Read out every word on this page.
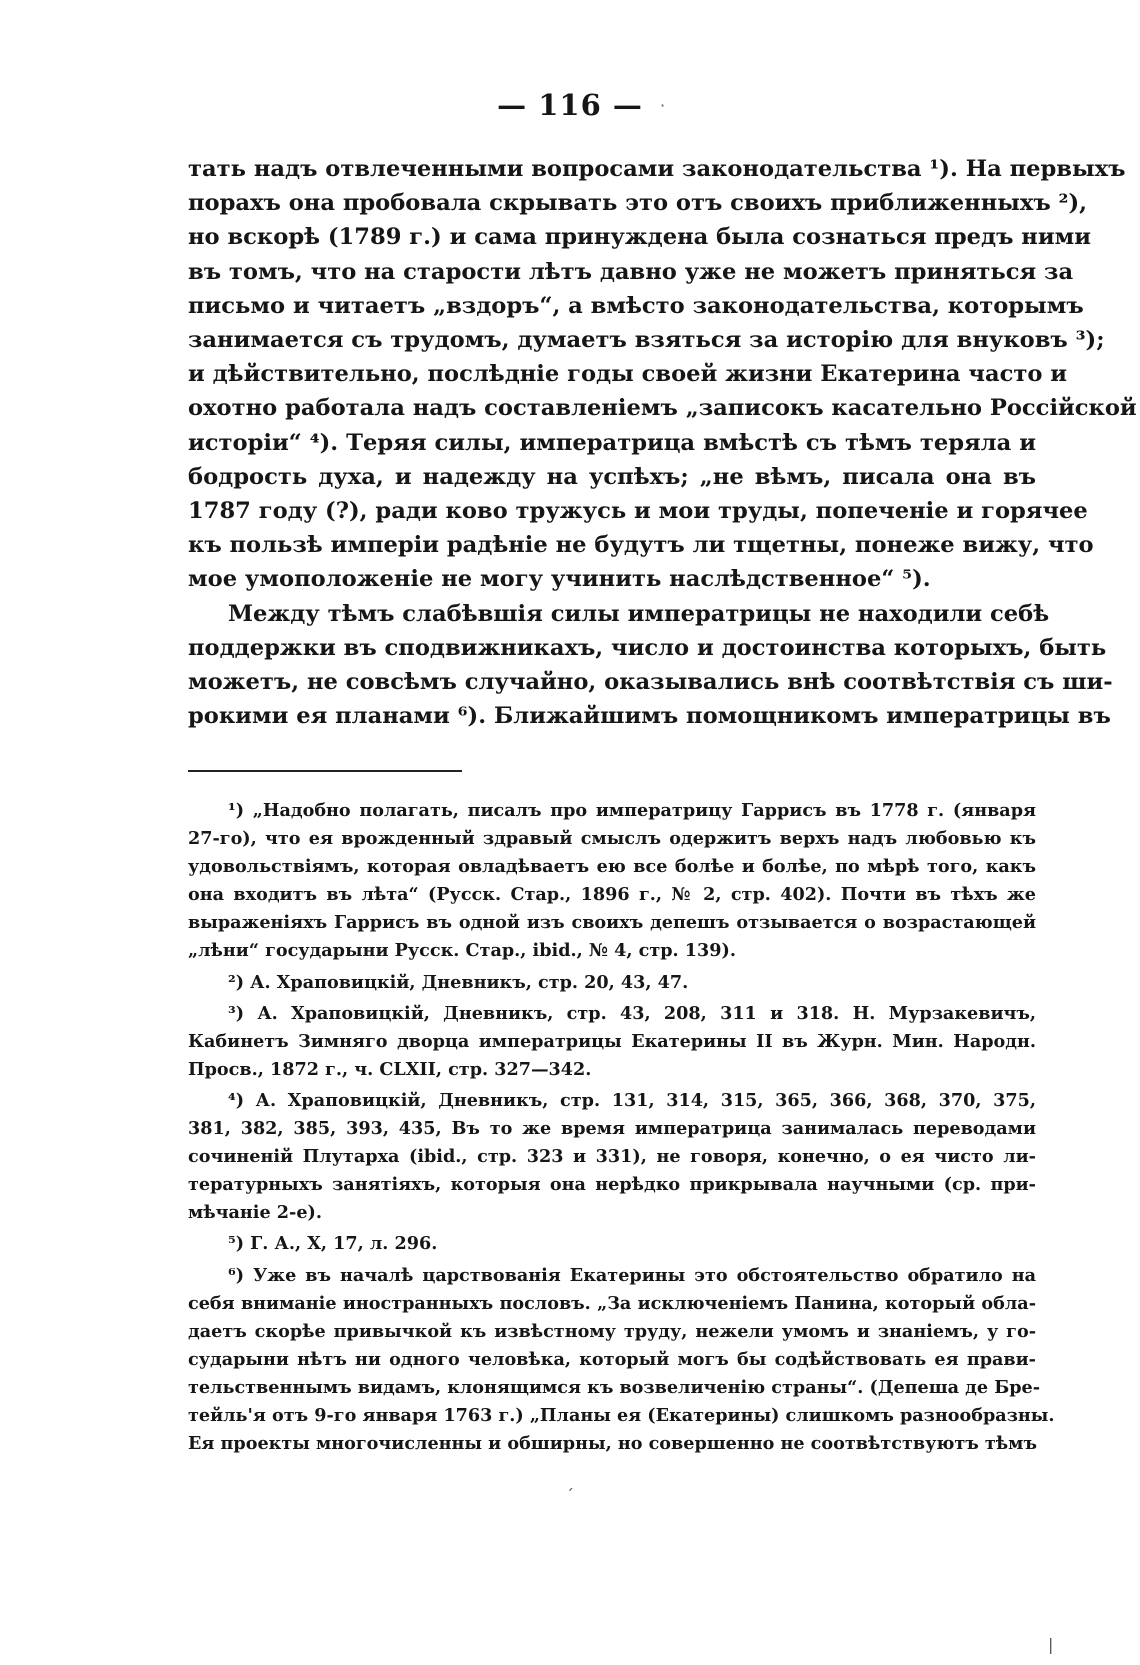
— 116 —
тать надъ отвлеченными вопросами законодательства ¹). На первыхъ
порахъ она пробовала скрывать это отъ своихъ приближенныхъ ²),
но вскорѣ (1789 г.) и сама принуждена была сознаться предъ ними
въ томъ, что на старости лѣтъ давно уже не можетъ приняться за
письмо и читаетъ „вздоръ“, а вмѣсто законодательства, которымъ
занимается съ трудомъ, думаетъ взяться за исторію для внуковъ ³);
и дѣйствительно, послѣдніе годы своей жизни Екатерина часто и
охотно работала надъ составленіемъ „записокъ касательно Россійской
исторіи“ ⁴). Теряя силы, императрица вмѣстѣ съ тѣмъ теряла и
бодрость духа, и надежду на успѣхъ; „не вѣмъ, писала она въ
1787 году (?), ради ково тружусь и мои труды, попеченіе и горячее
къ пользѣ имперіи радѣніе не будутъ ли тщетны, понеже вижу, что
мое умоположеніе не могу учинить наслѣдственное“ ⁵).
Между тѣмъ слабѣвшія силы императрицы не находили себѣ
поддержки въ сподвижникахъ, число и достоинства которыхъ, быть
можетъ, не совсѣмъ случайно, оказывались внѣ соотвѣтствія съ ши-
рокими ея планами ⁶). Ближайшимъ помощникомъ императрицы въ
¹) „Надобно полагать, писалъ про императрицу Гаррисъ въ 1778 г. (января
27-го), что ея врожденный здравый смыслъ одержитъ верхъ надъ любовью къ
удовольствіямъ, которая овладѣваетъ ею все болѣе и болѣе, по мѣрѣ того, какъ
она входитъ въ лѣта“ (Русск. Стар., 1896 г., № 2, стр. 402). Почти въ тѣхъ же
выраженіяхъ Гаррисъ въ одной изъ своихъ депешъ отзывается о возрастающей
„лѣни“ государыни Русск. Стар., ibid., № 4, стр. 139).
²) А. Храповицкій, Дневникъ, стр. 20, 43, 47.
³) А. Храповицкій, Дневникъ, стр. 43, 208, 311 и 318. Н. Мурзакевичъ,
Кабинетъ Зимняго дворца императрицы Екатерины II въ Журн. Мин. Народн.
Просв., 1872 г., ч. CLXII, стр. 327—342.
⁴) А. Храповицкій, Дневникъ, стр. 131, 314, 315, 365, 366, 368, 370, 375,
381, 382, 385, 393, 435, Въ то же время императрица занималась переводами
сочиненій Плутарха (ibid., стр. 323 и 331), не говоря, конечно, о ея чисто ли-
тературныхъ занятіяхъ, которыя она нерѣдко прикрывала научными (ср. при-
мѣчаніе 2-е).
⁵) Г. А., X, 17, л. 296.
⁶) Уже въ началѣ царствованія Екатерины это обстоятельство обратило на
себя вниманіе иностранныхъ пословъ. „За исключеніемъ Панина, который обла-
даетъ скорѣе привычкой къ извѣстному труду, нежели умомъ и знаніемъ, у го-
сударыни нѣтъ ни одного человѣка, который могъ бы содѣйствовать ея прави-
тельственнымъ видамъ, клонящимся къ возвеличенію страны“. (Депеша де Бре-
тейль'я отъ 9-го января 1763 г.) „Планы ея (Екатерины) слишкомъ разнообразны.
Ея проекты многочисленны и обширны, но совершенно не соотвѣтствуютъ тѣмъ
ˊ
·
|
